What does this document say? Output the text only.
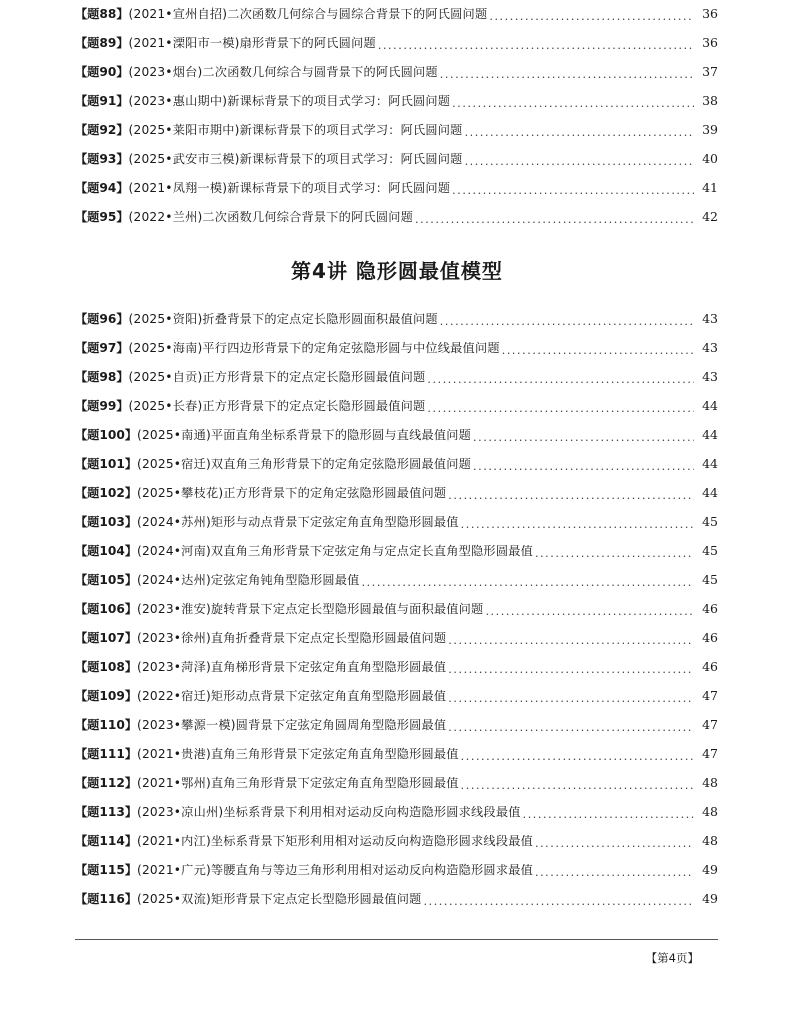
【题88】(2021•宣州自招)二次函数几何综合与圆综合背景下的阿氏圆问题 .....	36
【题89】(2021•溧阳市一模)扇形背景下的阿氏圆问题 .....	36
【题90】(2023•烟台)二次函数几何综合与圆背景下的阿氏圆问题 .....	37
【题91】(2023•惠山期中)新课标背景下的项目式学习：阿氏圆问题 .....	38
【题92】(2025•莱阳市期中)新课标背景下的项目式学习：阿氏圆问题 .....	39
【题93】(2025•武安市三模)新课标背景下的项目式学习：阿氏圆问题 .....	40
【题94】(2021•凤翔一模)新课标背景下的项目式学习：阿氏圆问题 .....	41
【题95】(2022•兰州)二次函数几何综合背景下的阿氏圆问题 .....	42
第4讲 隐形圆最值模型
【题96】(2025•资阳)折叠背景下的定点定长隐形圆面积最值问题 .....	43
【题97】(2025•海南)平行四边形背景下的定角定弦隐形圆与中位线最值问题 .....	43
【题98】(2025•自贡)正方形背景下的定点定长隐形圆最值问题 .....	43
【题99】(2025•长春)正方形背景下的定点定长隐形圆最值问题 .....	44
【题100】(2025•南通)平面直角坐标系背景下的隐形圆与直线最值问题 .....	44
【题101】(2025•宿迁)双直角三角形背景下的定角定弦隐形圆最值问题 .....	44
【题102】(2025•攀枝花)正方形背景下的定角定弦隐形圆最值问题 .....	44
【题103】(2024•苏州)矩形与动点背景下定弦定角直角型隐形圆最值 .....	45
【题104】(2024•河南)双直角三角形背景下定弦定角与定点定长直角型隐形圆最值 .....	45
【题105】(2024•达州)定弦定角钝角型隐形圆最值 .....	45
【题106】(2023•淮安)旋转背景下定点定长型隐形圆最值与面积最值问题 .....	46
【题107】(2023•徐州)直角折叠背景下定点定长型隐形圆最值问题 .....	46
【题108】(2023•菏泽)直角梯形背景下定弦定角直角型隐形圆最值 .....	46
【题109】(2022•宿迁)矩形动点背景下定弦定角直角型隐形圆最值 .....	47
【题110】(2023•攀源一模)圆背景下定弦定角圆周角型隐形圆最值 .....	47
【题111】(2021•贵港)直角三角形背景下定弦定角直角型隐形圆最值 .....	47
【题112】(2021•鄂州)直角三角形背景下定弦定角直角型隐形圆最值 .....	48
【题113】(2023•凉山州)坐标系背景下利用相对运动反向构造隐形圆求线段最值 .....	48
【题114】(2021•内江)坐标系背景下矩形利用相对运动反向构造隐形圆求线段最值 .....	48
【题115】(2021•广元)等腰直角与等边三角形利用相对运动反向构造隐形圆求最值 .....	49
【题116】(2025•双流)矩形背景下定点定长型隐形圆最值问题 .....	49
【第4页】
